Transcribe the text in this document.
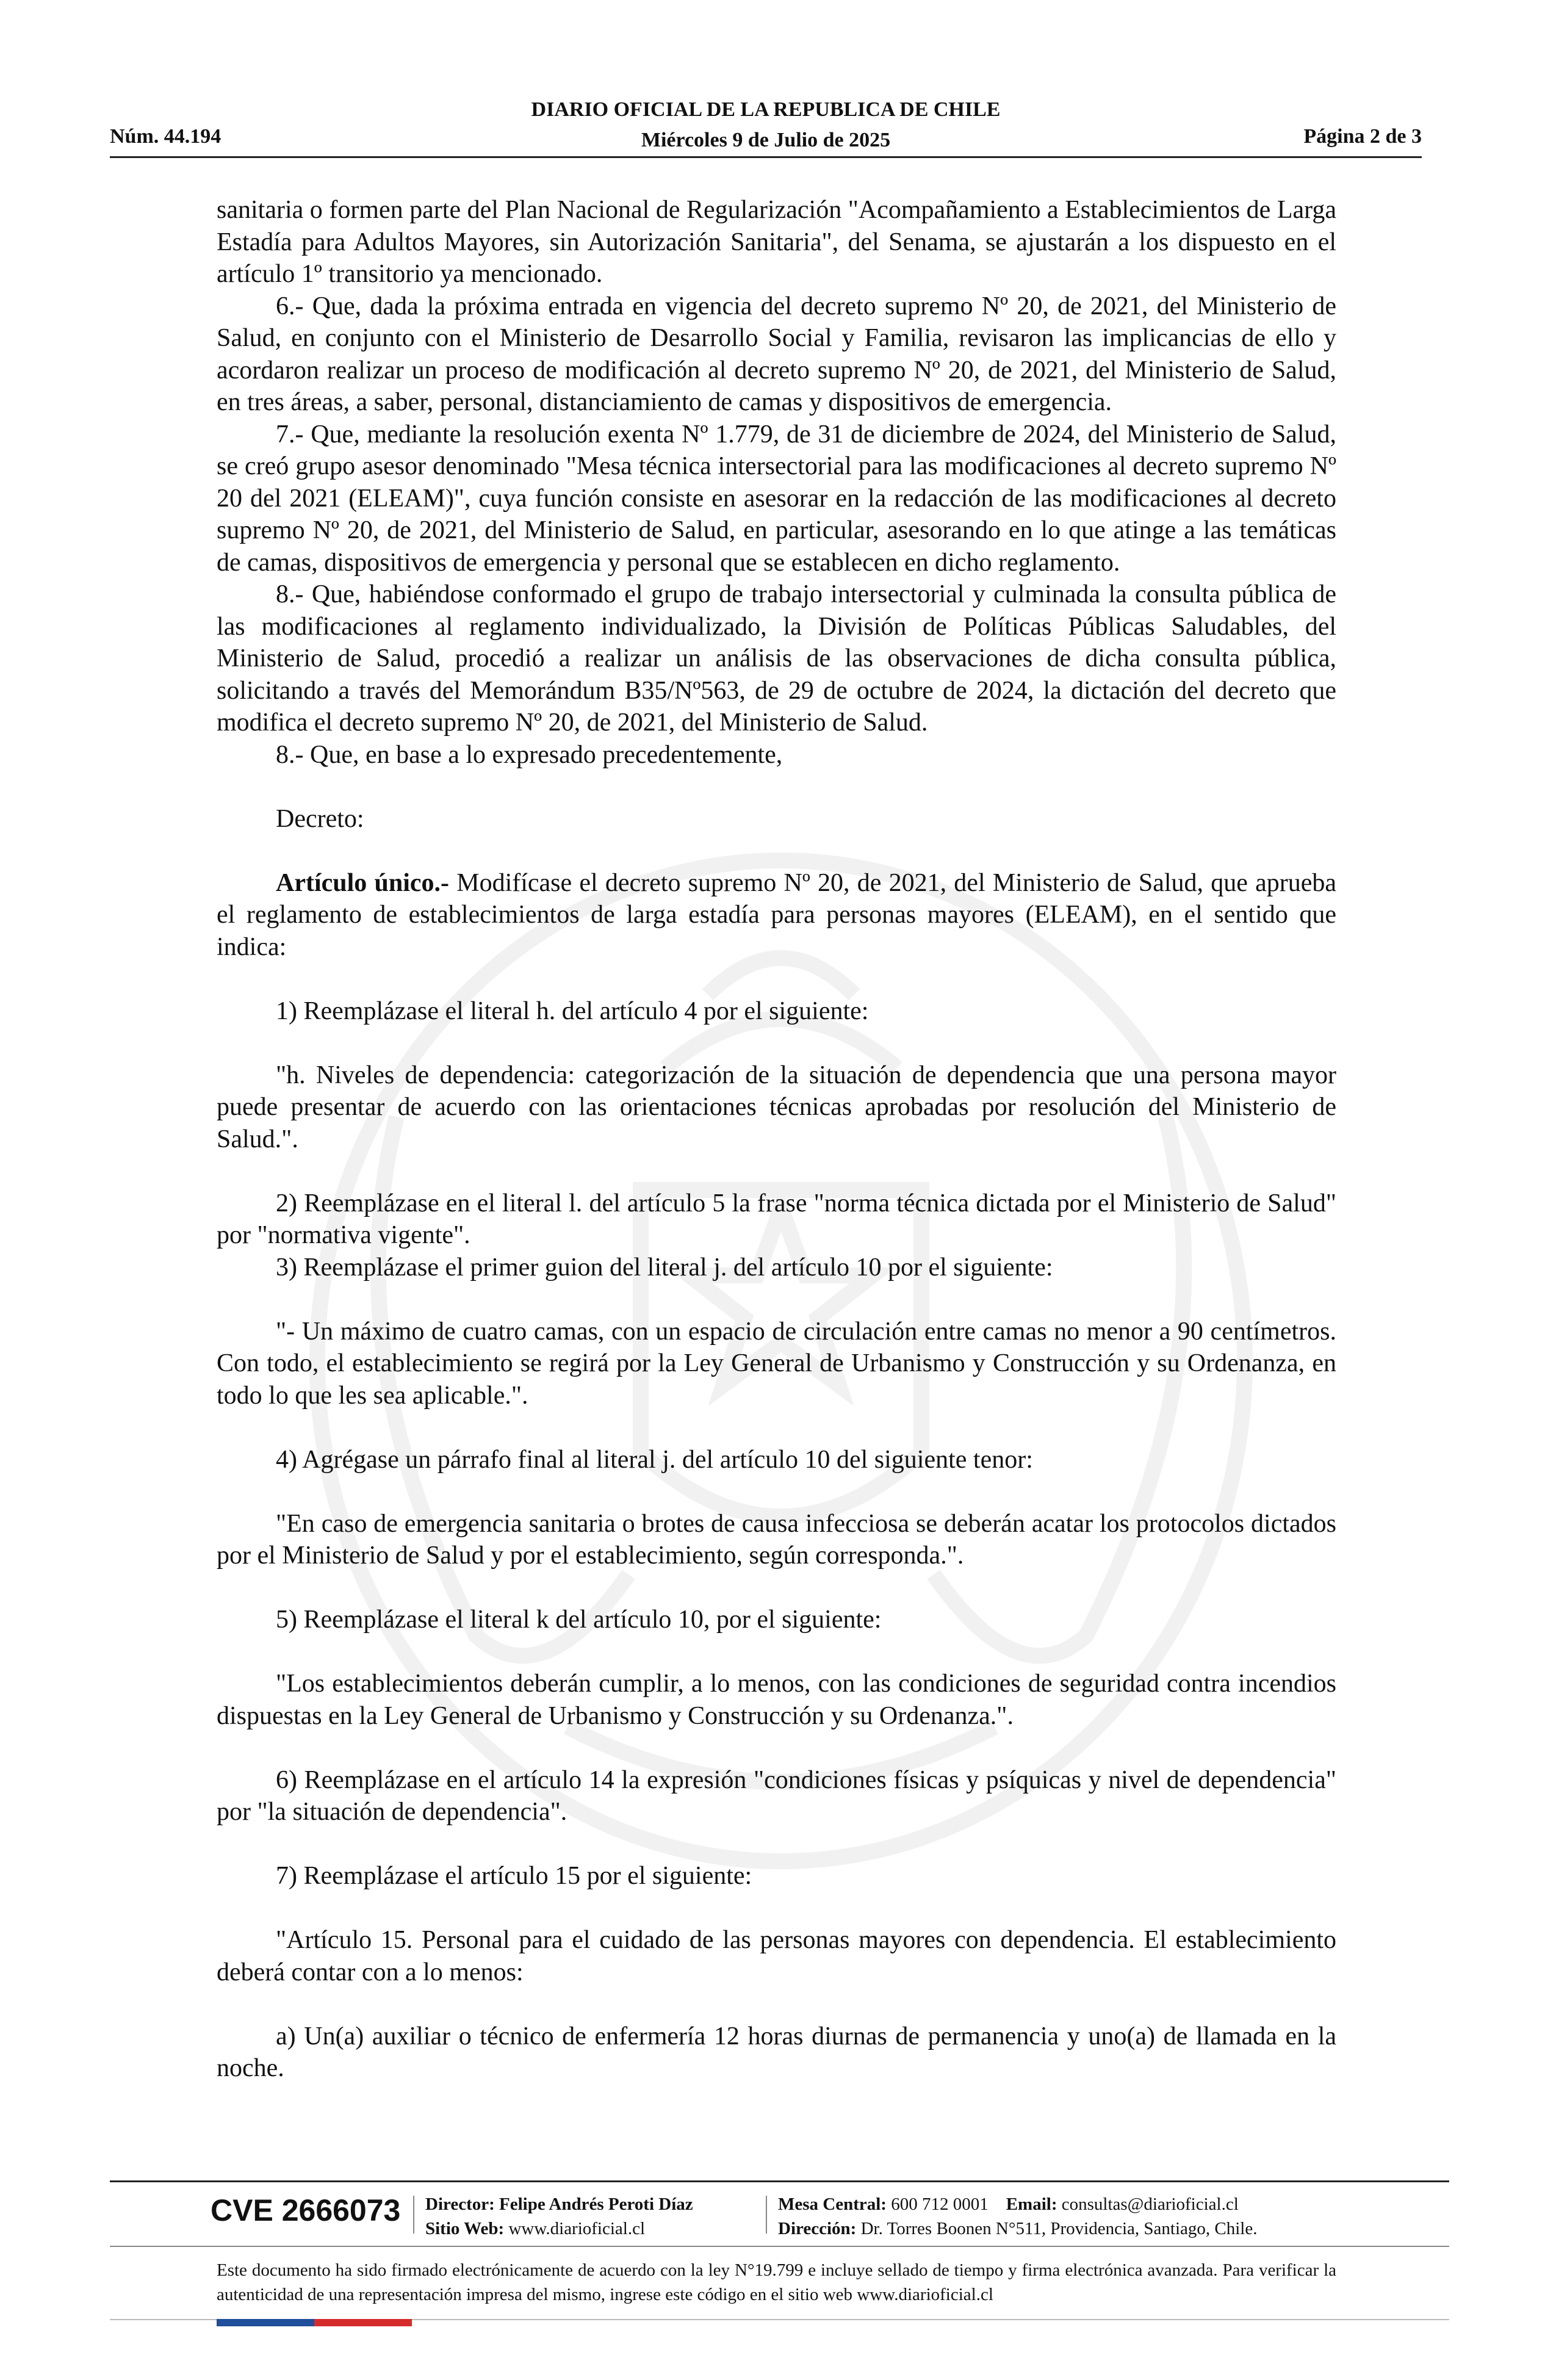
Núm. 44.194
DIARIO OFICIAL DE LA REPUBLICA DE CHILE
Miércoles 9 de Julio de 2025	Página 2 de 3

sanitaria o formen parte del Plan Nacional de Regularización "Acompañamiento a Establecimientos de Larga Estadía para Adultos Mayores, sin Autorización Sanitaria", del Senama, se ajustarán a los dispuesto en el artículo 1º transitorio ya mencionado.

6.- Que, dada la próxima entrada en vigencia del decreto supremo Nº 20, de 2021, del Ministerio de Salud, en conjunto con el Ministerio de Desarrollo Social y Familia, revisaron las implicancias de ello y acordaron realizar un proceso de modificación al decreto supremo Nº 20, de 2021, del Ministerio de Salud, en tres áreas, a saber, personal, distanciamiento de camas y dispositivos de emergencia.

7.- Que, mediante la resolución exenta Nº 1.779, de 31 de diciembre de 2024, del Ministerio de Salud, se creó grupo asesor denominado "Mesa técnica intersectorial para las modificaciones al decreto supremo Nº 20 del 2021 (ELEAM)", cuya función consiste en asesorar en la redacción de las modificaciones al decreto supremo Nº 20, de 2021, del Ministerio de Salud, en particular, asesorando en lo que atinge a las temáticas de camas, dispositivos de emergencia y personal que se establecen en dicho reglamento.

8.- Que, habiéndose conformado el grupo de trabajo intersectorial y culminada la consulta pública de las modificaciones al reglamento individualizado, la División de Políticas Públicas Saludables, del Ministerio de Salud, procedió a realizar un análisis de las observaciones de dicha consulta pública, solicitando a través del Memorándum B35/Nº563, de 29 de octubre de 2024, la dictación del decreto que modifica el decreto supremo Nº 20, de 2021, del Ministerio de Salud.

8.- Que, en base a lo expresado precedentemente,

Decreto:

Artículo único.- Modifícase el decreto supremo Nº 20, de 2021, del Ministerio de Salud, que aprueba el reglamento de establecimientos de larga estadía para personas mayores (ELEAM), en el sentido que indica:

1) Reemplázase el literal h. del artículo 4 por el siguiente:

"h. Niveles de dependencia: categorización de la situación de dependencia que una persona mayor puede presentar de acuerdo con las orientaciones técnicas aprobadas por resolución del Ministerio de Salud.".

2) Reemplázase en el literal l. del artículo 5 la frase "norma técnica dictada por el Ministerio de Salud" por "normativa vigente".

3) Reemplázase el primer guion del literal j. del artículo 10 por el siguiente:

"- Un máximo de cuatro camas, con un espacio de circulación entre camas no menor a 90 centímetros. Con todo, el establecimiento se regirá por la Ley General de Urbanismo y Construcción y su Ordenanza, en todo lo que les sea aplicable.".

4) Agrégase un párrafo final al literal j. del artículo 10 del siguiente tenor:

"En caso de emergencia sanitaria o brotes de causa infecciosa se deberán acatar los protocolos dictados por el Ministerio de Salud y por el establecimiento, según corresponda.".

5) Reemplázase el literal k del artículo 10, por el siguiente:

"Los establecimientos deberán cumplir, a lo menos, con las condiciones de seguridad contra incendios dispuestas en la Ley General de Urbanismo y Construcción y su Ordenanza.".

6) Reemplázase en el artículo 14 la expresión "condiciones físicas y psíquicas y nivel de dependencia" por "la situación de dependencia".

7) Reemplázase el artículo 15 por el siguiente:

"Artículo 15. Personal para el cuidado de las personas mayores con dependencia. El establecimiento deberá contar con a lo menos:

a) Un(a) auxiliar o técnico de enfermería 12 horas diurnas de permanencia y uno(a) de llamada en la noche.

CVE 2666073 Director: Felipe Andrés Peroti Díaz
Sitio Web: www.diarioficial.cl
Mesa Central: 600 712 0001 Email: consultas@diarioficial.cl
Dirección: Dr. Torres Boonen N°511, Providencia, Santiago, Chile.
Este documento ha sido firmado electrónicamente de acuerdo con la ley N°19.799 e incluye sellado de tiempo y firma electrónica avanzada. Para verificar la autenticidad de una representación impresa del mismo, ingrese este código en el sitio web www.diarioficial.cl
